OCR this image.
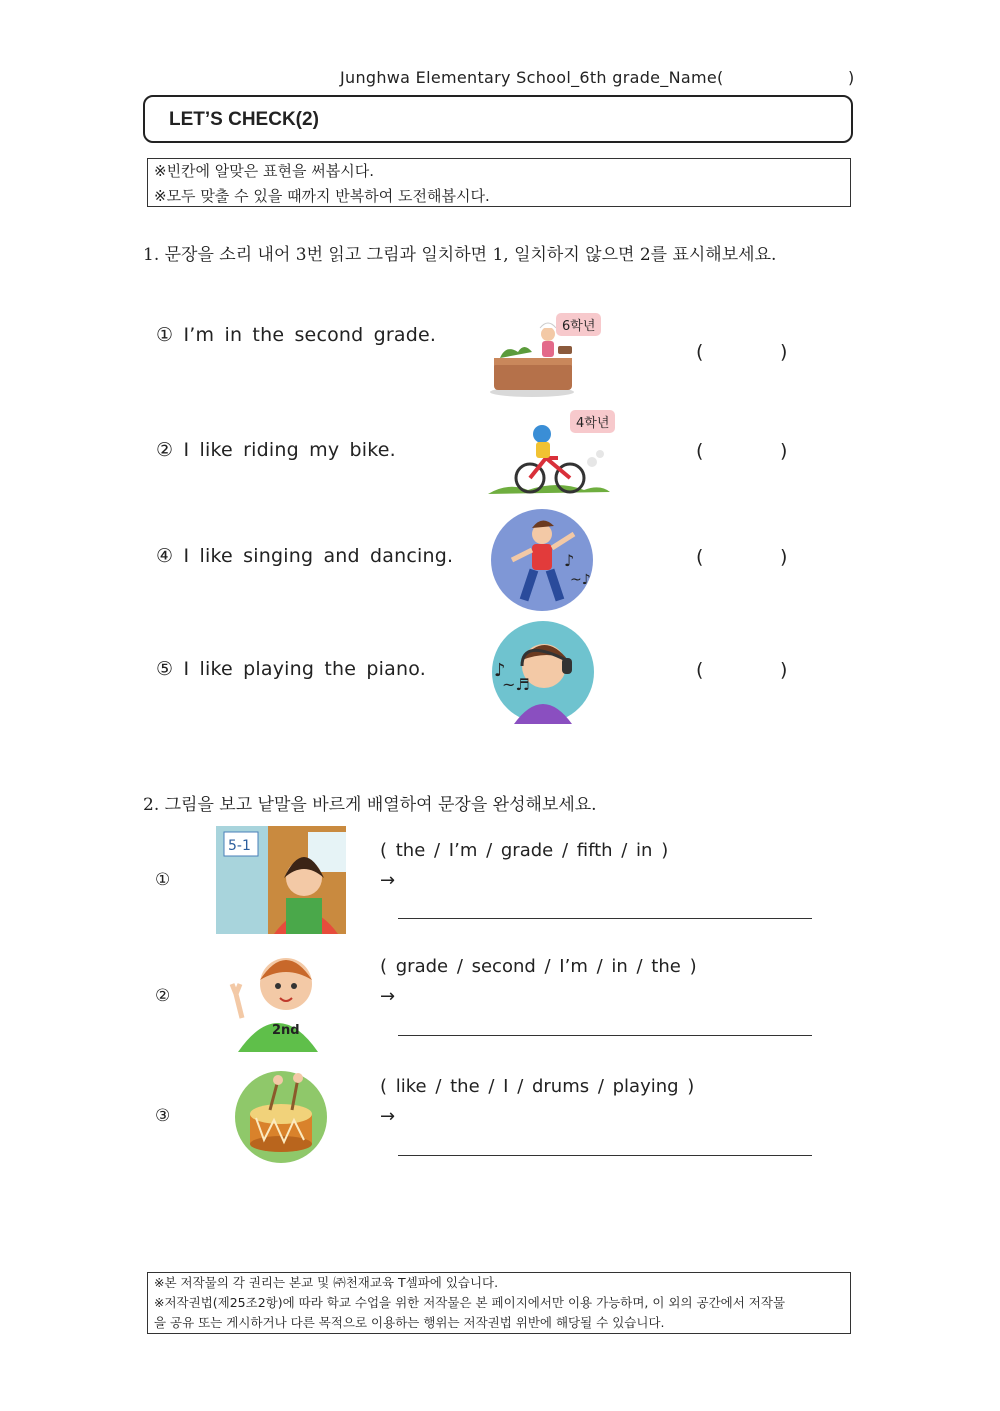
Junghwa Elementary School_6th grade_Name(	)
LET’S CHECK(2)
※빈칸에 알맞은 표현을 써봅시다.
※모두 맞출 수 있을 때까지 반복하여 도전해봅시다.
1. 문장을 소리 내어 3번 읽고 그림과 일치하면 1, 일치하지 않으면 2를 표시해보세요.
① I’m in the second grade.	6학년
(	)
② I like riding my bike.
4학년
(	)
④ I like singing and dancing.	♪
~♪
(	)
⑤ I like playing the piano.	♪
~♬
(	)
2. 그림을 보고 낱말을 바르게 배열하여 문장을 완성해보세요.
①
5-1	( the / I’m / grade / fifth / in )
→
②
2nd
( grade / second / I’m / in / the )
→
③
( like / the / I / drums / playing )
→
※본 저작물의 각 권리는 본교 및 ㈜천재교육 T셀파에 있습니다.
※저작권법(제25조2항)에 따라 학교 수업을 위한 저작물은 본 페이지에서만 이용 가능하며, 이 외의 공간에서 저작물
을 공유 또는 게시하거나 다른 목적으로 이용하는 행위는 저작권법 위반에 해당될 수 있습니다.
